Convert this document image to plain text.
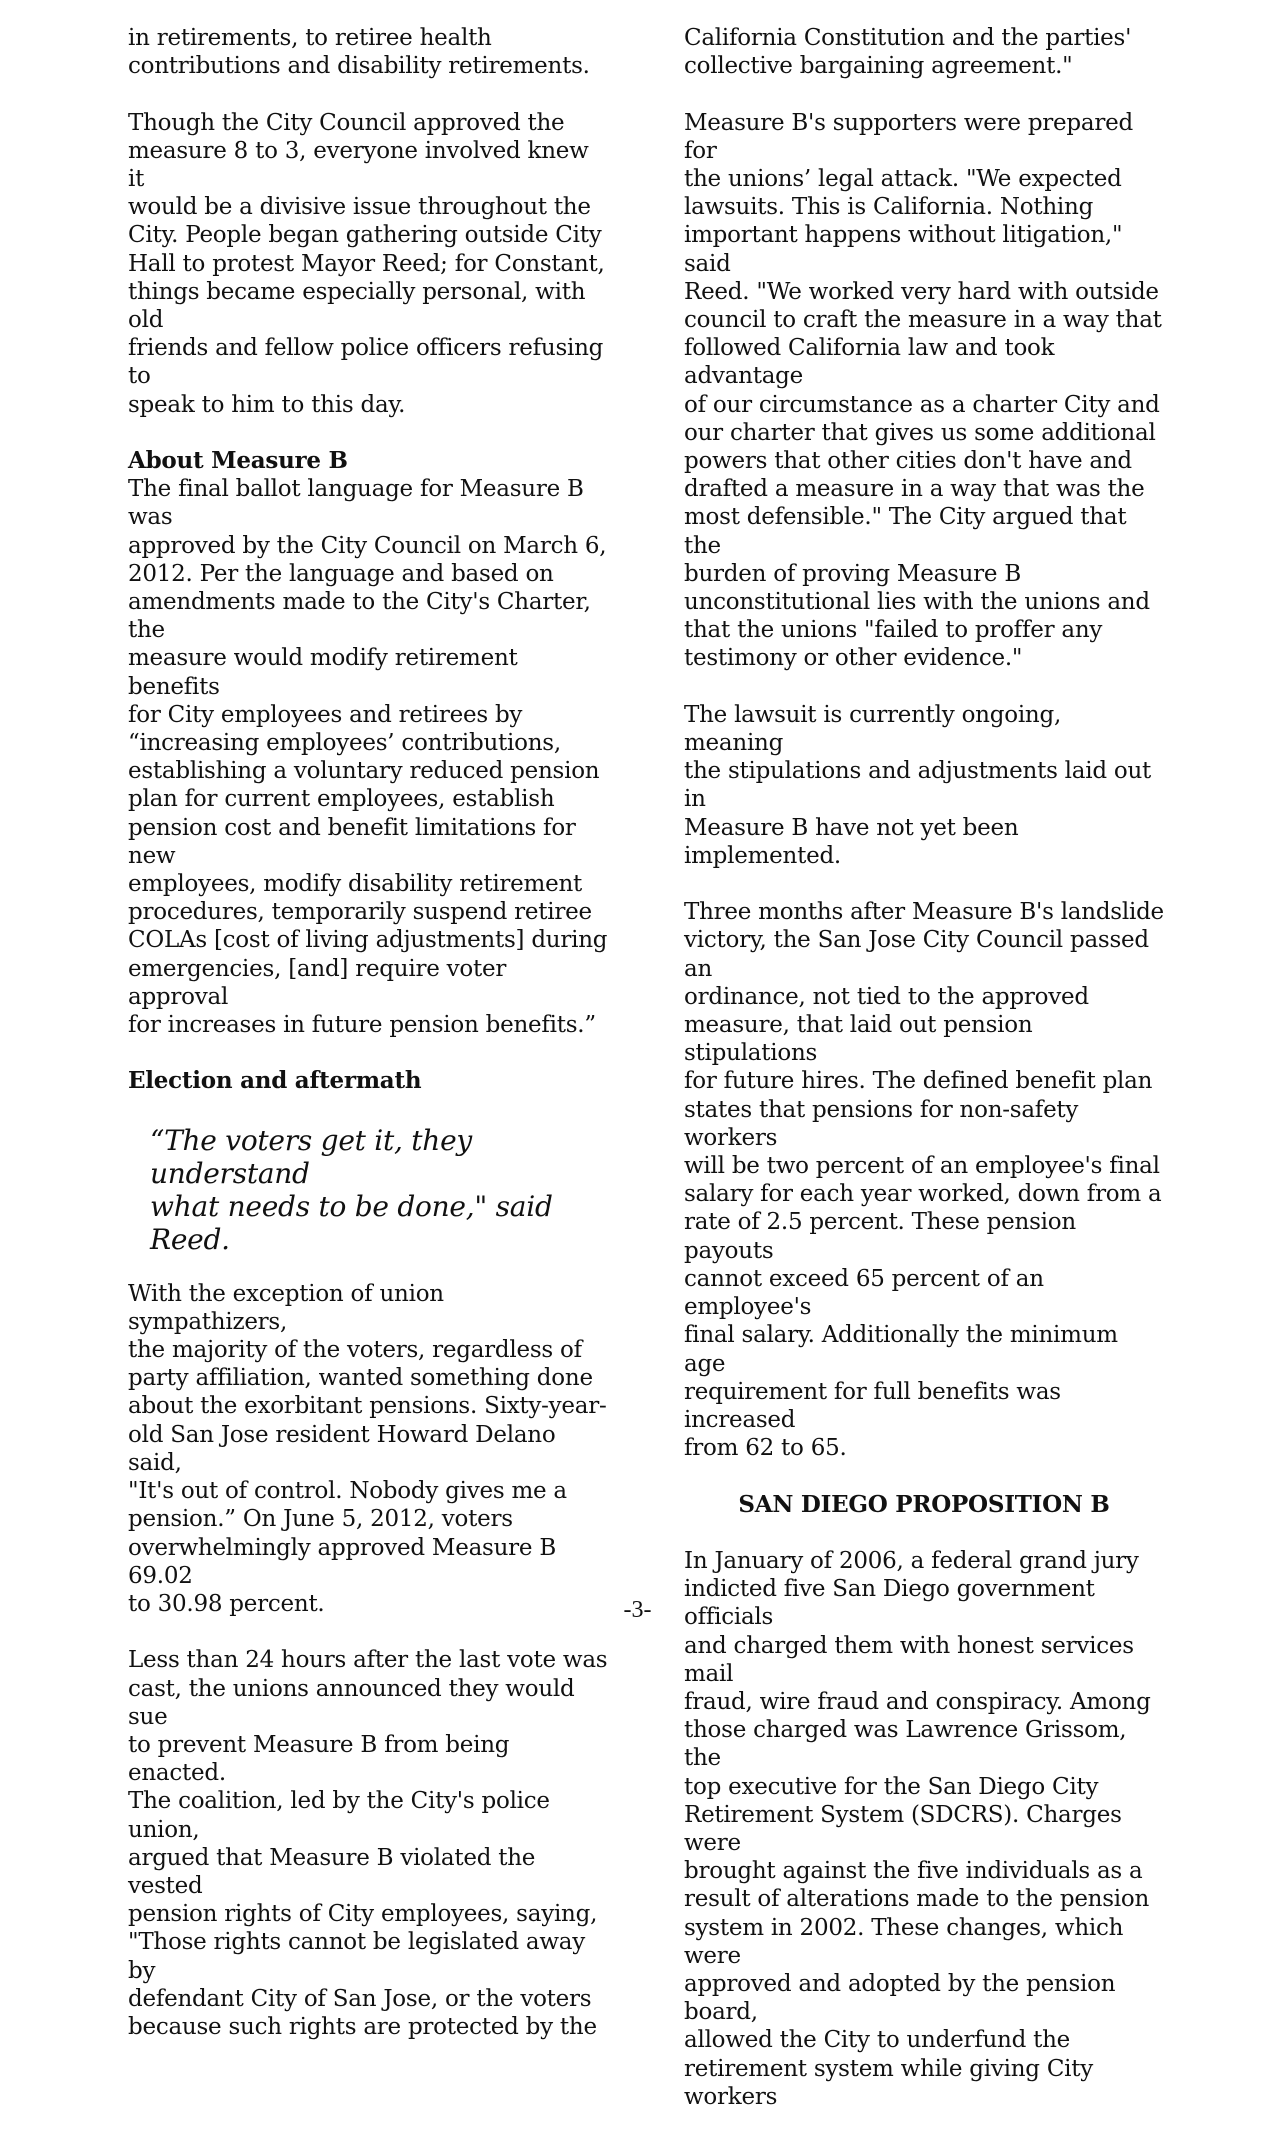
in retirements, to retiree health
contributions and disability retirements.

Though the City Council approved the
measure 8 to 3, everyone involved knew it
would be a divisive issue throughout the
City. People began gathering outside City
Hall to protest Mayor Reed; for Constant,
things became especially personal, with old
friends and fellow police officers refusing to
speak to him to this day.

About Measure B

The final ballot language for Measure B was
approved by the City Council on March 6,
2012. Per the language and based on
amendments made to the City's Charter, the
measure would modify retirement benefits
for City employees and retirees by
“increasing employees’ contributions,
establishing a voluntary reduced pension
plan for current employees, establish
pension cost and benefit limitations for new
employees, modify disability retirement
procedures, temporarily suspend retiree
COLAs [cost of living adjustments] during
emergencies, [and] require voter approval
for increases in future pension benefits.”

Election and aftermath
“The voters get it, they understand
what needs to be done," said Reed.

With the exception of union sympathizers,
the majority of the voters, regardless of
party affiliation, wanted something done
about the exorbitant pensions. Sixty-year-
old San Jose resident Howard Delano said,
"It's out of control. Nobody gives me a
pension.” On June 5, 2012, voters
overwhelmingly approved Measure B 69.02
to 30.98 percent.

Less than 24 hours after the last vote was
cast, the unions announced they would sue
to prevent Measure B from being enacted.
The coalition, led by the City's police union,
argued that Measure B violated the vested
pension rights of City employees, saying,
"Those rights cannot be legislated away by
defendant City of San Jose, or the voters
because such rights are protected by the

California Constitution and the parties'
collective bargaining agreement."

Measure B's supporters were prepared for
the unions’ legal attack. "We expected
lawsuits. This is California. Nothing
important happens without litigation," said
Reed. "We worked very hard with outside
council to craft the measure in a way that
followed California law and took advantage
of our circumstance as a charter City and
our charter that gives us some additional
powers that other cities don't have and
drafted a measure in a way that was the
most defensible." The City argued that the
burden of proving Measure B
unconstitutional lies with the unions and
that the unions "failed to proffer any
testimony or other evidence."

The lawsuit is currently ongoing, meaning
the stipulations and adjustments laid out in
Measure B have not yet been implemented.

Three months after Measure B's landslide
victory, the San Jose City Council passed an
ordinance, not tied to the approved
measure, that laid out pension stipulations
for future hires. The defined benefit plan
states that pensions for non-safety workers
will be two percent of an employee's final
salary for each year worked, down from a
rate of 2.5 percent. These pension payouts
cannot exceed 65 percent of an employee's
final salary. Additionally the minimum age
requirement for full benefits was increased
from 62 to 65.

SAN DIEGO PROPOSITION B

In January of 2006, a federal grand jury
indicted five San Diego government officials
and charged them with honest services mail
fraud, wire fraud and conspiracy. Among
those charged was Lawrence Grissom, the
top executive for the San Diego City
Retirement System (SDCRS). Charges were
brought against the five individuals as a
result of alterations made to the pension
system in 2002. These changes, which were
approved and adopted by the pension board,
allowed the City to underfund the
retirement system while giving City workers

-3-
